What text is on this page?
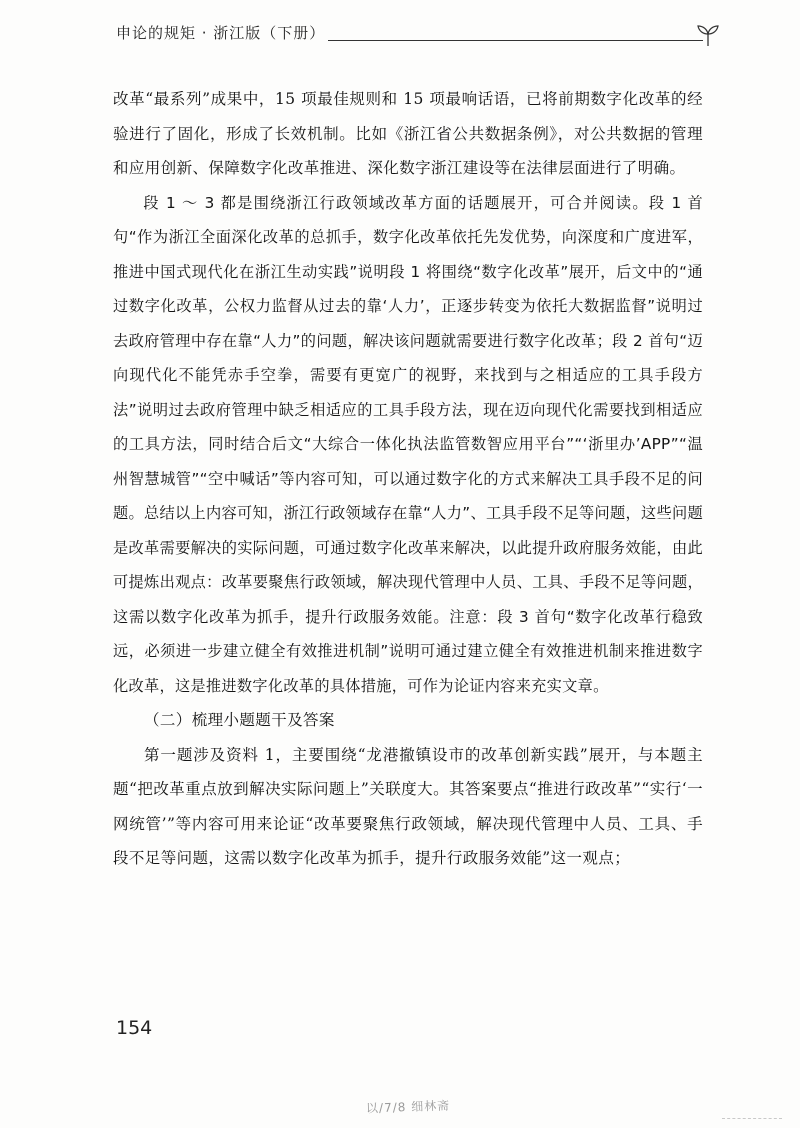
申论的规矩 · 浙江版（下册）

改革“最系列”成果中，15 项最佳规则和 15 项最响话语，已将前期数字化改革的经验进行了固化，形成了长效机制。比如《浙江省公共数据条例》，对公共数据的管理和应用创新、保障数字化改革推进、深化数字浙江建设等在法律层面进行了明确。

段 1 ～ 3 都是围绕浙江行政领域改革方面的话题展开，可合并阅读。段 1 首句“作为浙江全面深化改革的总抓手，数字化改革依托先发优势，向深度和广度进军，推进中国式现代化在浙江生动实践”说明段 1 将围绕“数字化改革”展开，后文中的“通过数字化改革，公权力监督从过去的靠‘人力’，正逐步转变为依托大数据监督”说明过去政府管理中存在靠“人力”的问题，解决该问题就需要进行数字化改革；段 2 首句“迈向现代化不能凭赤手空拳，需要有更宽广的视野，来找到与之相适应的工具手段方法”说明过去政府管理中缺乏相适应的工具手段方法，现在迈向现代化需要找到相适应的工具方法，同时结合后文“大综合一体化执法监管数智应用平台”“‘浙里办’APP”“温州智慧城管”“空中喊话”等内容可知，可以通过数字化的方式来解决工具手段不足的问题。总结以上内容可知，浙江行政领域存在靠“人力”、工具手段不足等问题，这些问题是改革需要解决的实际问题，可通过数字化改革来解决，以此提升政府服务效能，由此可提炼出观点：改革要聚焦行政领域，解决现代管理中人员、工具、手段不足等问题，这需以数字化改革为抓手，提升行政服务效能。注意：段 3 首句“数字化改革行稳致远，必须进一步建立健全有效推进机制”说明可通过建立健全有效推进机制来推进数字化改革，这是推进数字化改革的具体措施，可作为论证内容来充实文章。

（二）梳理小题题干及答案

第一题涉及资料 1，主要围绕“龙港撤镇设市的改革创新实践”展开，与本题主题“把改革重点放到解决实际问题上”关联度大。其答案要点“推进行政改革”“实行‘一网统管’”等内容可用来论证“改革要聚焦行政领域，解决现代管理中人员、工具、手段不足等问题，这需以数字化改革为抓手，提升行政服务效能”这一观点；

154
以/7/8 细林斋
